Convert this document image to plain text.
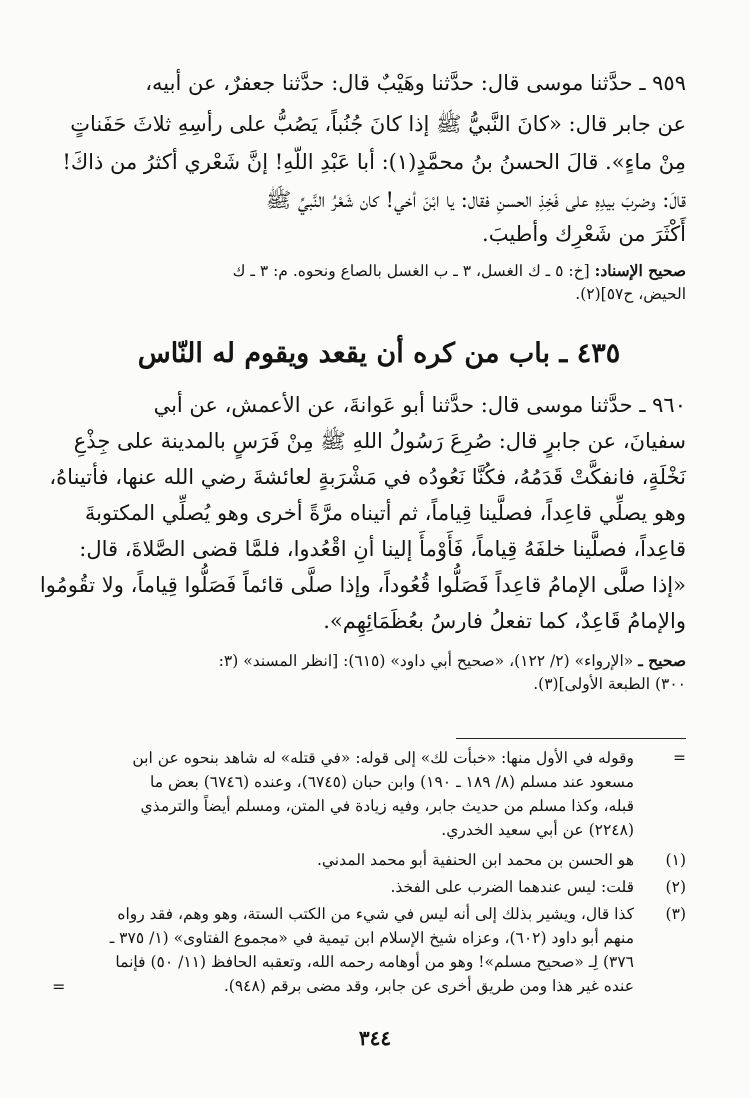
٩٥٩ ـ حدَّثنا موسى قال: حدَّثنا وهَيْبٌ قال: حدَّثنا جعفرٌ، عن أبيه،
عن جابر قال: «كانَ النَّبيُّ ﷺ إذا كانَ جُنُباً، يَصُبُّ على رأسِهِ ثلاثَ حَفَناتٍ
مِنْ ماءٍ». قالَ الحسنُ بنُ محمَّدٍ(١): أبا عَبْدِ اللّهِ! إنَّ شَعْري أكثرُ من ذاكَ!
قالَ: وضربَ بيدِهِ على فَخِذِ الحسنِ فقال: يا ابْنَ أخي! كان شَعْرُ النَّبيِّ ﷺ
أَكْثَرَ من شَعْرِك وأطيبَ.
صحيح الإسناد: [خ: ٥ ـ ك الغسل، ٣ ـ ب الغسل بالصاع ونحوه. م: ٣ ـ ك
الحيض، ح٥٧](٢).
٤٣٥ ـ باب من كره أن يقعد ويقوم له النّاس
٩٦٠ ـ حدَّثنا موسى قال: حدَّثنا أبو عَوانةَ، عن الأعمش، عن أبي
سفيانَ، عن جابرٍ قال: صُرِعَ رَسُولُ اللهِ ﷺ مِنْ فَرَسٍ بالمدينة على جِذْعِ
نَخْلَةٍ، فانفكَّتْ قَدَمُهُ، فكُنَّا نَعُودُه في مَشْرَبةٍ لعائشةَ رضي الله عنها، فأتيناهُ،
وهو يصلِّي قاعِداً، فصلَّينا قِياماً، ثم أتيناه مرَّةً أخرى وهو يُصلِّي المكتوبةَ
قاعِداً، فصلَّينا خلفَهُ قِياماً، فَأَوْمأَ إلينا أنِ اقْعُدوا، فلمَّا قضى الصَّلاةَ، قال:
«إذا صلَّى الإمامُ قاعِداً فَصَلُّوا قُعُوداً، وإذا صلَّى قائماً فَصَلُّوا قِياماً، ولا تقُومُوا
والإمامُ قَاعِدٌ، كما تفعلُ فارسُ بعُظَمَائِهِم».
صحيح ـ «الإرواء» (٢/ ١٢٢)، «صحيح أبي داود» (٦١٥): [انظر المسند» (٣:
٣٠٠) الطبعة الأولى](٣).
=
وقوله في الأول منها: «خبأت لك» إلى قوله: «في قتله» له شاهد بنحوه عن ابن
مسعود عند مسلم (٨/ ١٨٩ ـ ١٩٠) وابن حبان (٦٧٤٥)، وعنده (٦٧٤٦) بعض ما
قبله، وكذا مسلم من حديث جابر، وفيه زيادة في المتن، ومسلم أيضاً والترمذي
(٢٢٤٨) عن أبي سعيد الخدري.
(١)
هو الحسن بن محمد ابن الحنفية أبو محمد المدني.
(٢)
قلت: ليس عندهما الضرب على الفخذ.
(٣)
كذا قال، ويشير بذلك إلى أنه ليس في شيء من الكتب الستة، وهو وهم، فقد رواه
منهم أبو داود (٦٠٢)، وعزاه شيخ الإسلام ابن تيمية في «مجموع الفتاوى» (١/ ٣٧٥ ـ
٣٧٦) لِـ «صحيح مسلم»! وهو من أوهامه رحمه الله، وتعقبه الحافظ (١١/ ٥٠) فإنما
عنده غير هذا ومن طريق أخرى عن جابر، وقد مضى برقم (٩٤٨).
=
٣٤٤
